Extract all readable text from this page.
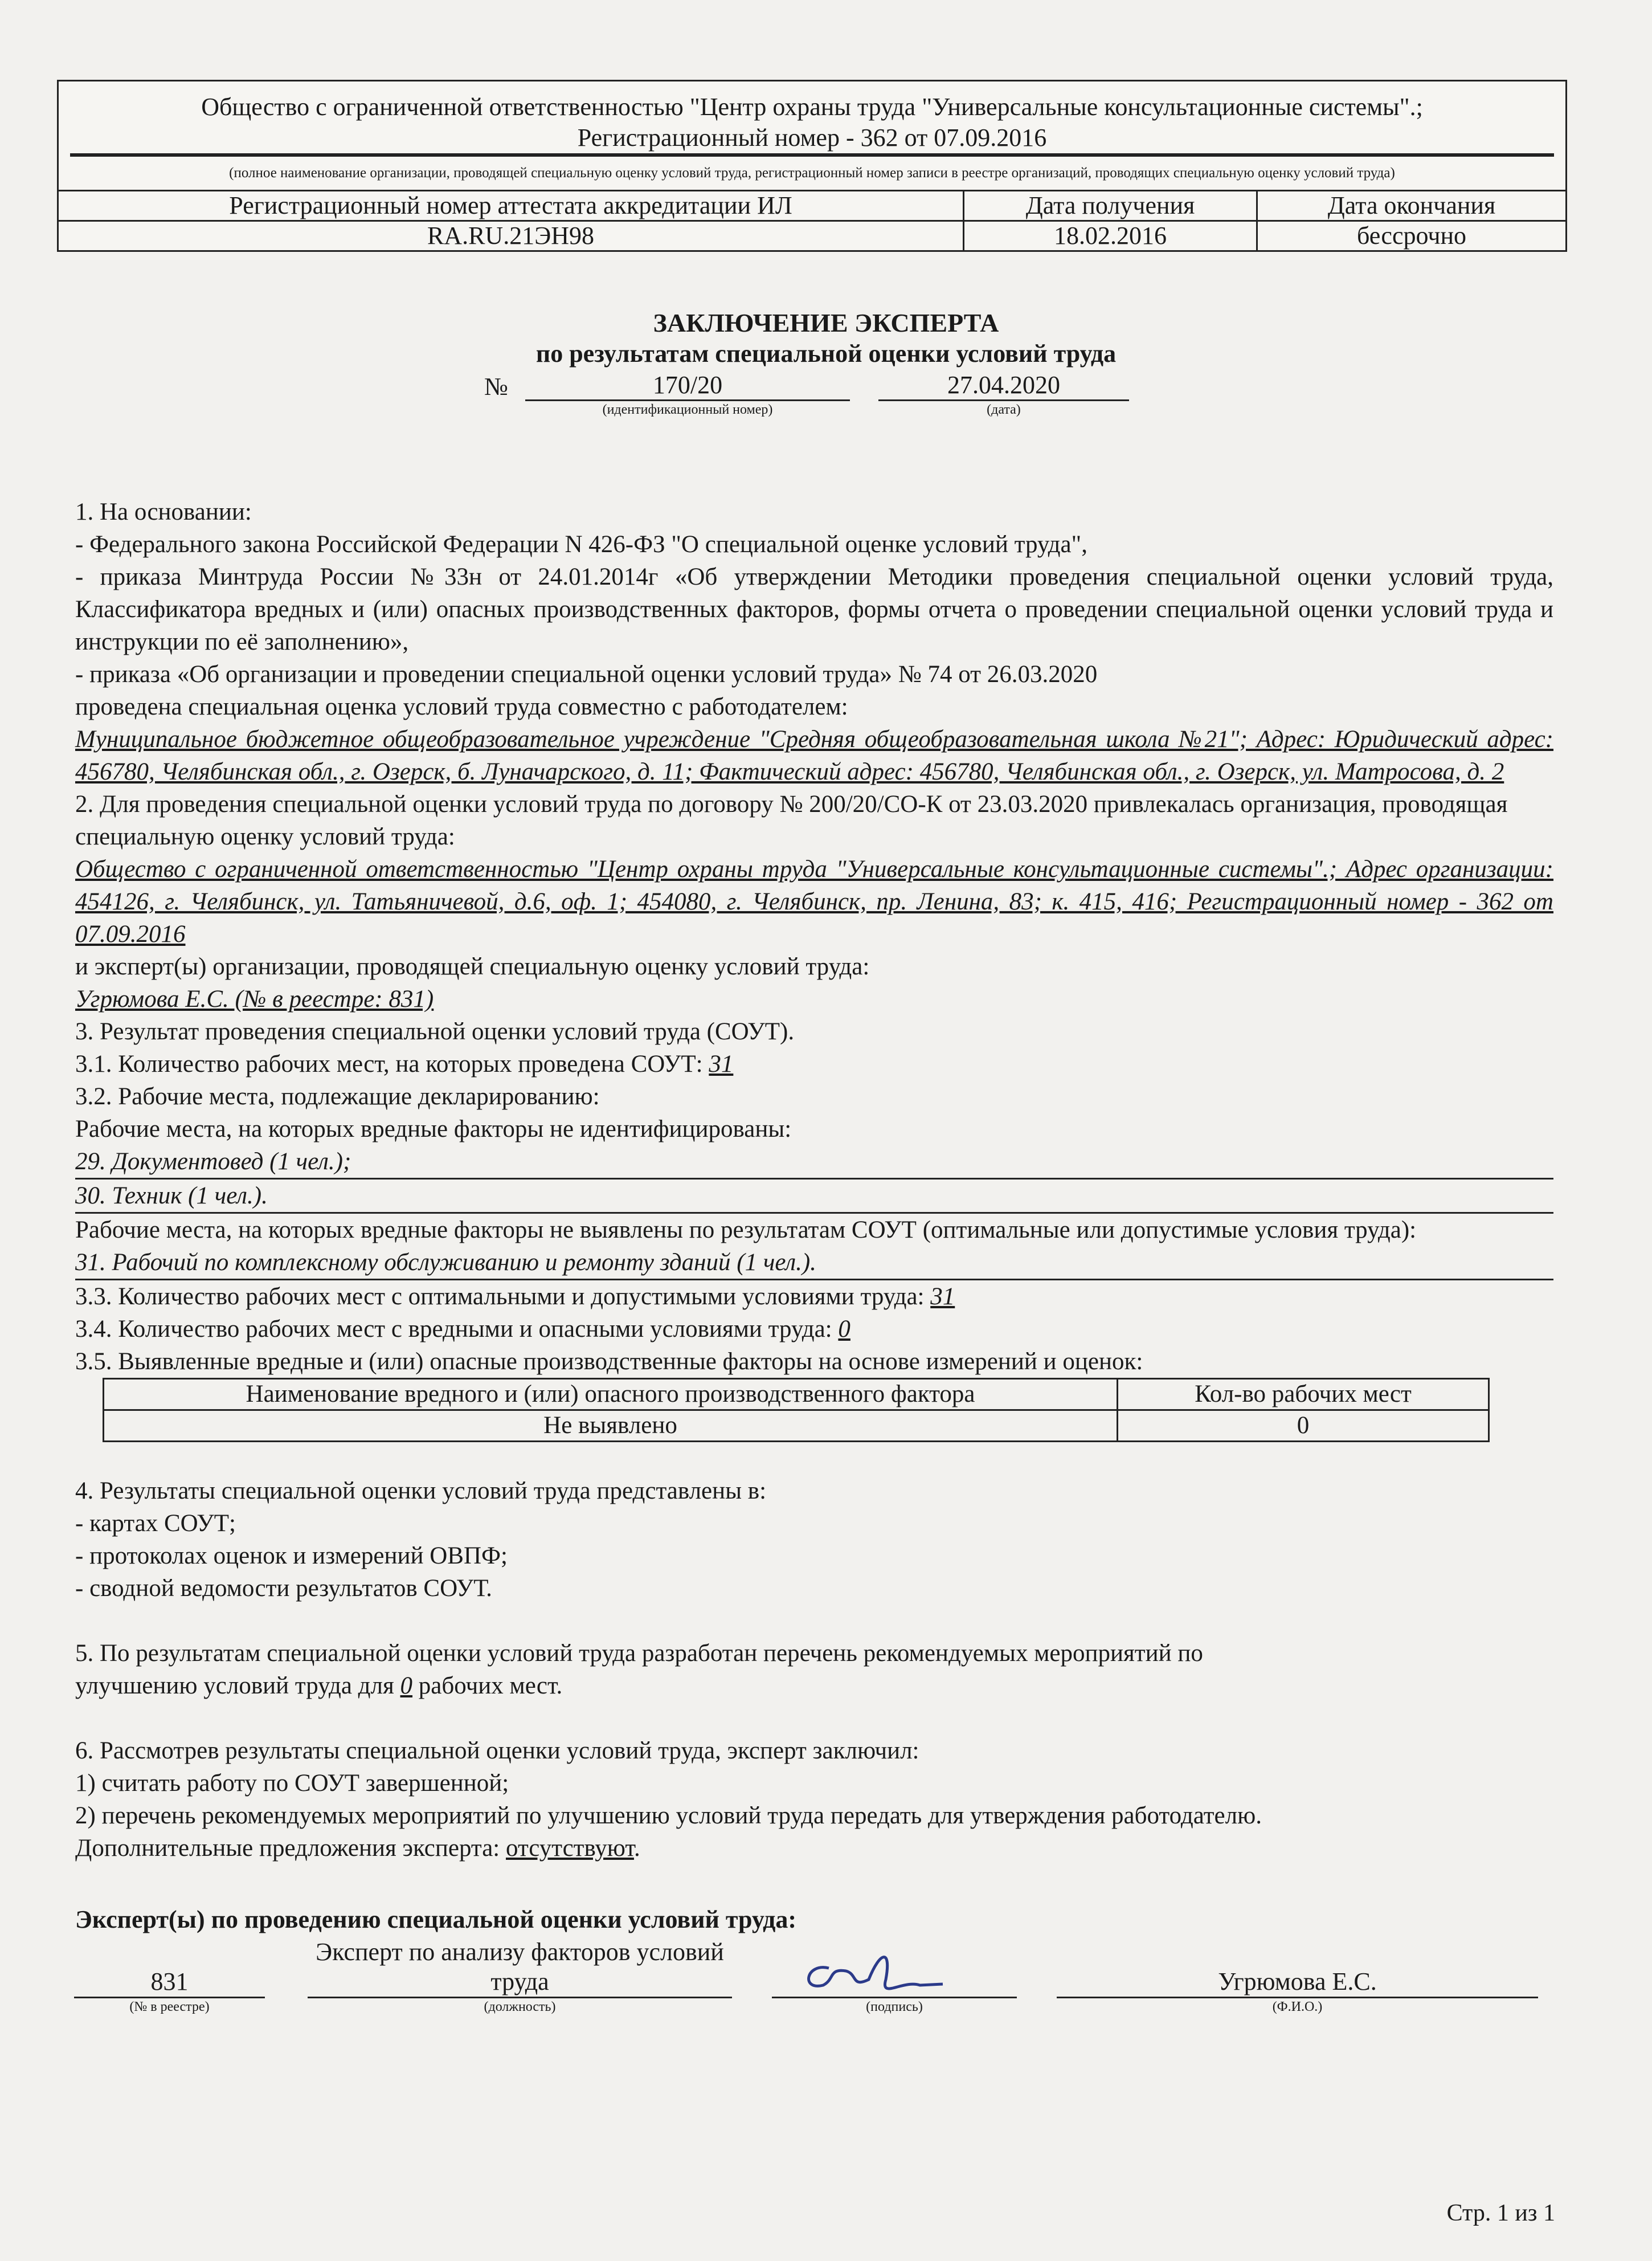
Общество с ограниченной ответственностью "Центр охраны труда "Универсальные консультационные системы".;
Регистрационный номер - 362 от 07.09.2016
(полное наименование организации, проводящей специальную оценку условий труда, регистрационный номер записи в реестре организаций, проводящих специальную оценку условий труда)
Регистрационный номер аттестата аккредитации ИЛ	Дата получения	Дата окончания
RA.RU.21ЭН98	18.02.2016	бессрочно
ЗАКЛЮЧЕНИЕ ЭКСПЕРТА
по результатам специальной оценки условий труда
№	170/20
(идентификационный номер)
27.04.2020
(дата)

1. На основании:

- Федерального закона Российской Федерации N 426-ФЗ "О специальной оценке условий труда",

- приказа Минтруда России №33н от 24.01.2014г «Об утверждении Методики проведения специальной оценки условий труда, Классификатора вредных и (или) опасных производственных факторов, формы отчета о проведении специальной оценки условий труда и инструкции по её заполнению»,

- приказа «Об организации и проведении специальной оценки условий труда» № 74 от 26.03.2020

проведена специальная оценка условий труда совместно с работодателем:

Муниципальное бюджетное общеобразовательное учреждение "Средняя общеобразовательная школа №21"; Адрес: Юридический адрес: 456780, Челябинская обл., г. Озерск, б. Луначарского, д. 11; Фактический адрес: 456780, Челябинская обл., г. Озерск, ул. Матросова, д. 2

2. Для проведения специальной оценки условий труда по договору № 200/20/СО-К от 23.03.2020 привлекалась организация, проводящая специальную оценку условий труда:

Общество с ограниченной ответственностью "Центр охраны труда "Универсальные консультационные системы".; Адрес организации: 454126, г. Челябинск, ул. Татьяничевой, д.6, оф. 1; 454080, г. Челябинск, пр. Ленина, 83; к. 415, 416; Регистрационный номер - 362 от 07.09.2016

и эксперт(ы) организации, проводящей специальную оценку условий труда:

Угрюмова Е.С. (№ в реестре: 831)

3. Результат проведения специальной оценки условий труда (СОУТ).

3.1. Количество рабочих мест, на которых проведена СОУТ: 31

3.2. Рабочие места, подлежащие декларированию:

Рабочие места, на которых вредные факторы не идентифицированы:

29. Документовед (1 чел.);

30. Техник (1 чел.).

Рабочие места, на которых вредные факторы не выявлены по результатам СОУТ (оптимальные или допустимые условия труда):

31. Рабочий по комплексному обслуживанию и ремонту зданий (1 чел.).

3.3. Количество рабочих мест с оптимальными и допустимыми условиями труда: 31

3.4. Количество рабочих мест с вредными и опасными условиями труда: 0

3.5. Выявленные вредные и (или) опасные производственные факторы на основе измерений и оценок:

Наименование вредного и (или) опасного производственного фактора	Кол-во рабочих мест
Не выявлено	0

4. Результаты специальной оценки условий труда представлены в:

- картах СОУТ;

- протоколах оценок и измерений ОВПФ;

- сводной ведомости результатов СОУТ.

5. По результатам специальной оценки условий труда разработан перечень рекомендуемых мероприятий по

улучшению условий труда для 0 рабочих мест.

6. Рассмотрев результаты специальной оценки условий труда, эксперт заключил:

1) считать работу по СОУТ завершенной;

2) перечень рекомендуемых мероприятий по улучшению условий труда передать для утверждения работодателю.

Дополнительные предложения эксперта: отсутствуют.

Эксперт(ы) по проведению специальной оценки условий труда:
831
(№ в реестре)
Эксперт по анализу факторов условий труда
(должность)	(подпись)
Угрюмова Е.С.
(Ф.И.О.)
Стр. 1 из 1
